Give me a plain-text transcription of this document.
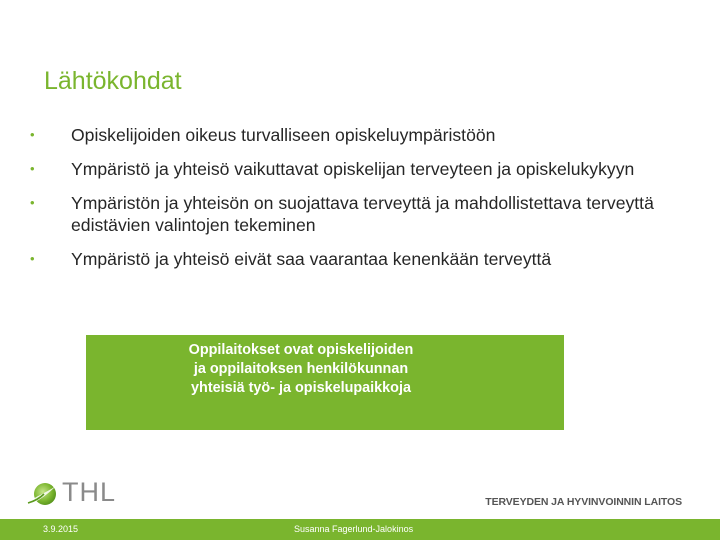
Lähtökohdat
•	Opiskelijoiden oikeus turvalliseen opiskeluympäristöön
•	Ympäristö ja yhteisö vaikuttavat opiskelijan terveyteen ja opiskelukykyyn
•	Ympäristön ja yhteisön on suojattava terveyttä ja mahdollistettava terveyttä edistävien valintojen tekeminen
•	Ympäristö ja yhteisö eivät saa vaarantaa kenenkään terveyttä
Oppilaitokset ovat opiskelijoiden
ja oppilaitoksen henkilökunnan
yhteisiä työ- ja opiskelupaikkoja
THL	TERVEYDEN JA HYVINVOINNIN LAITOS
3.9.2015	Susanna Fagerlund-Jalokinos
